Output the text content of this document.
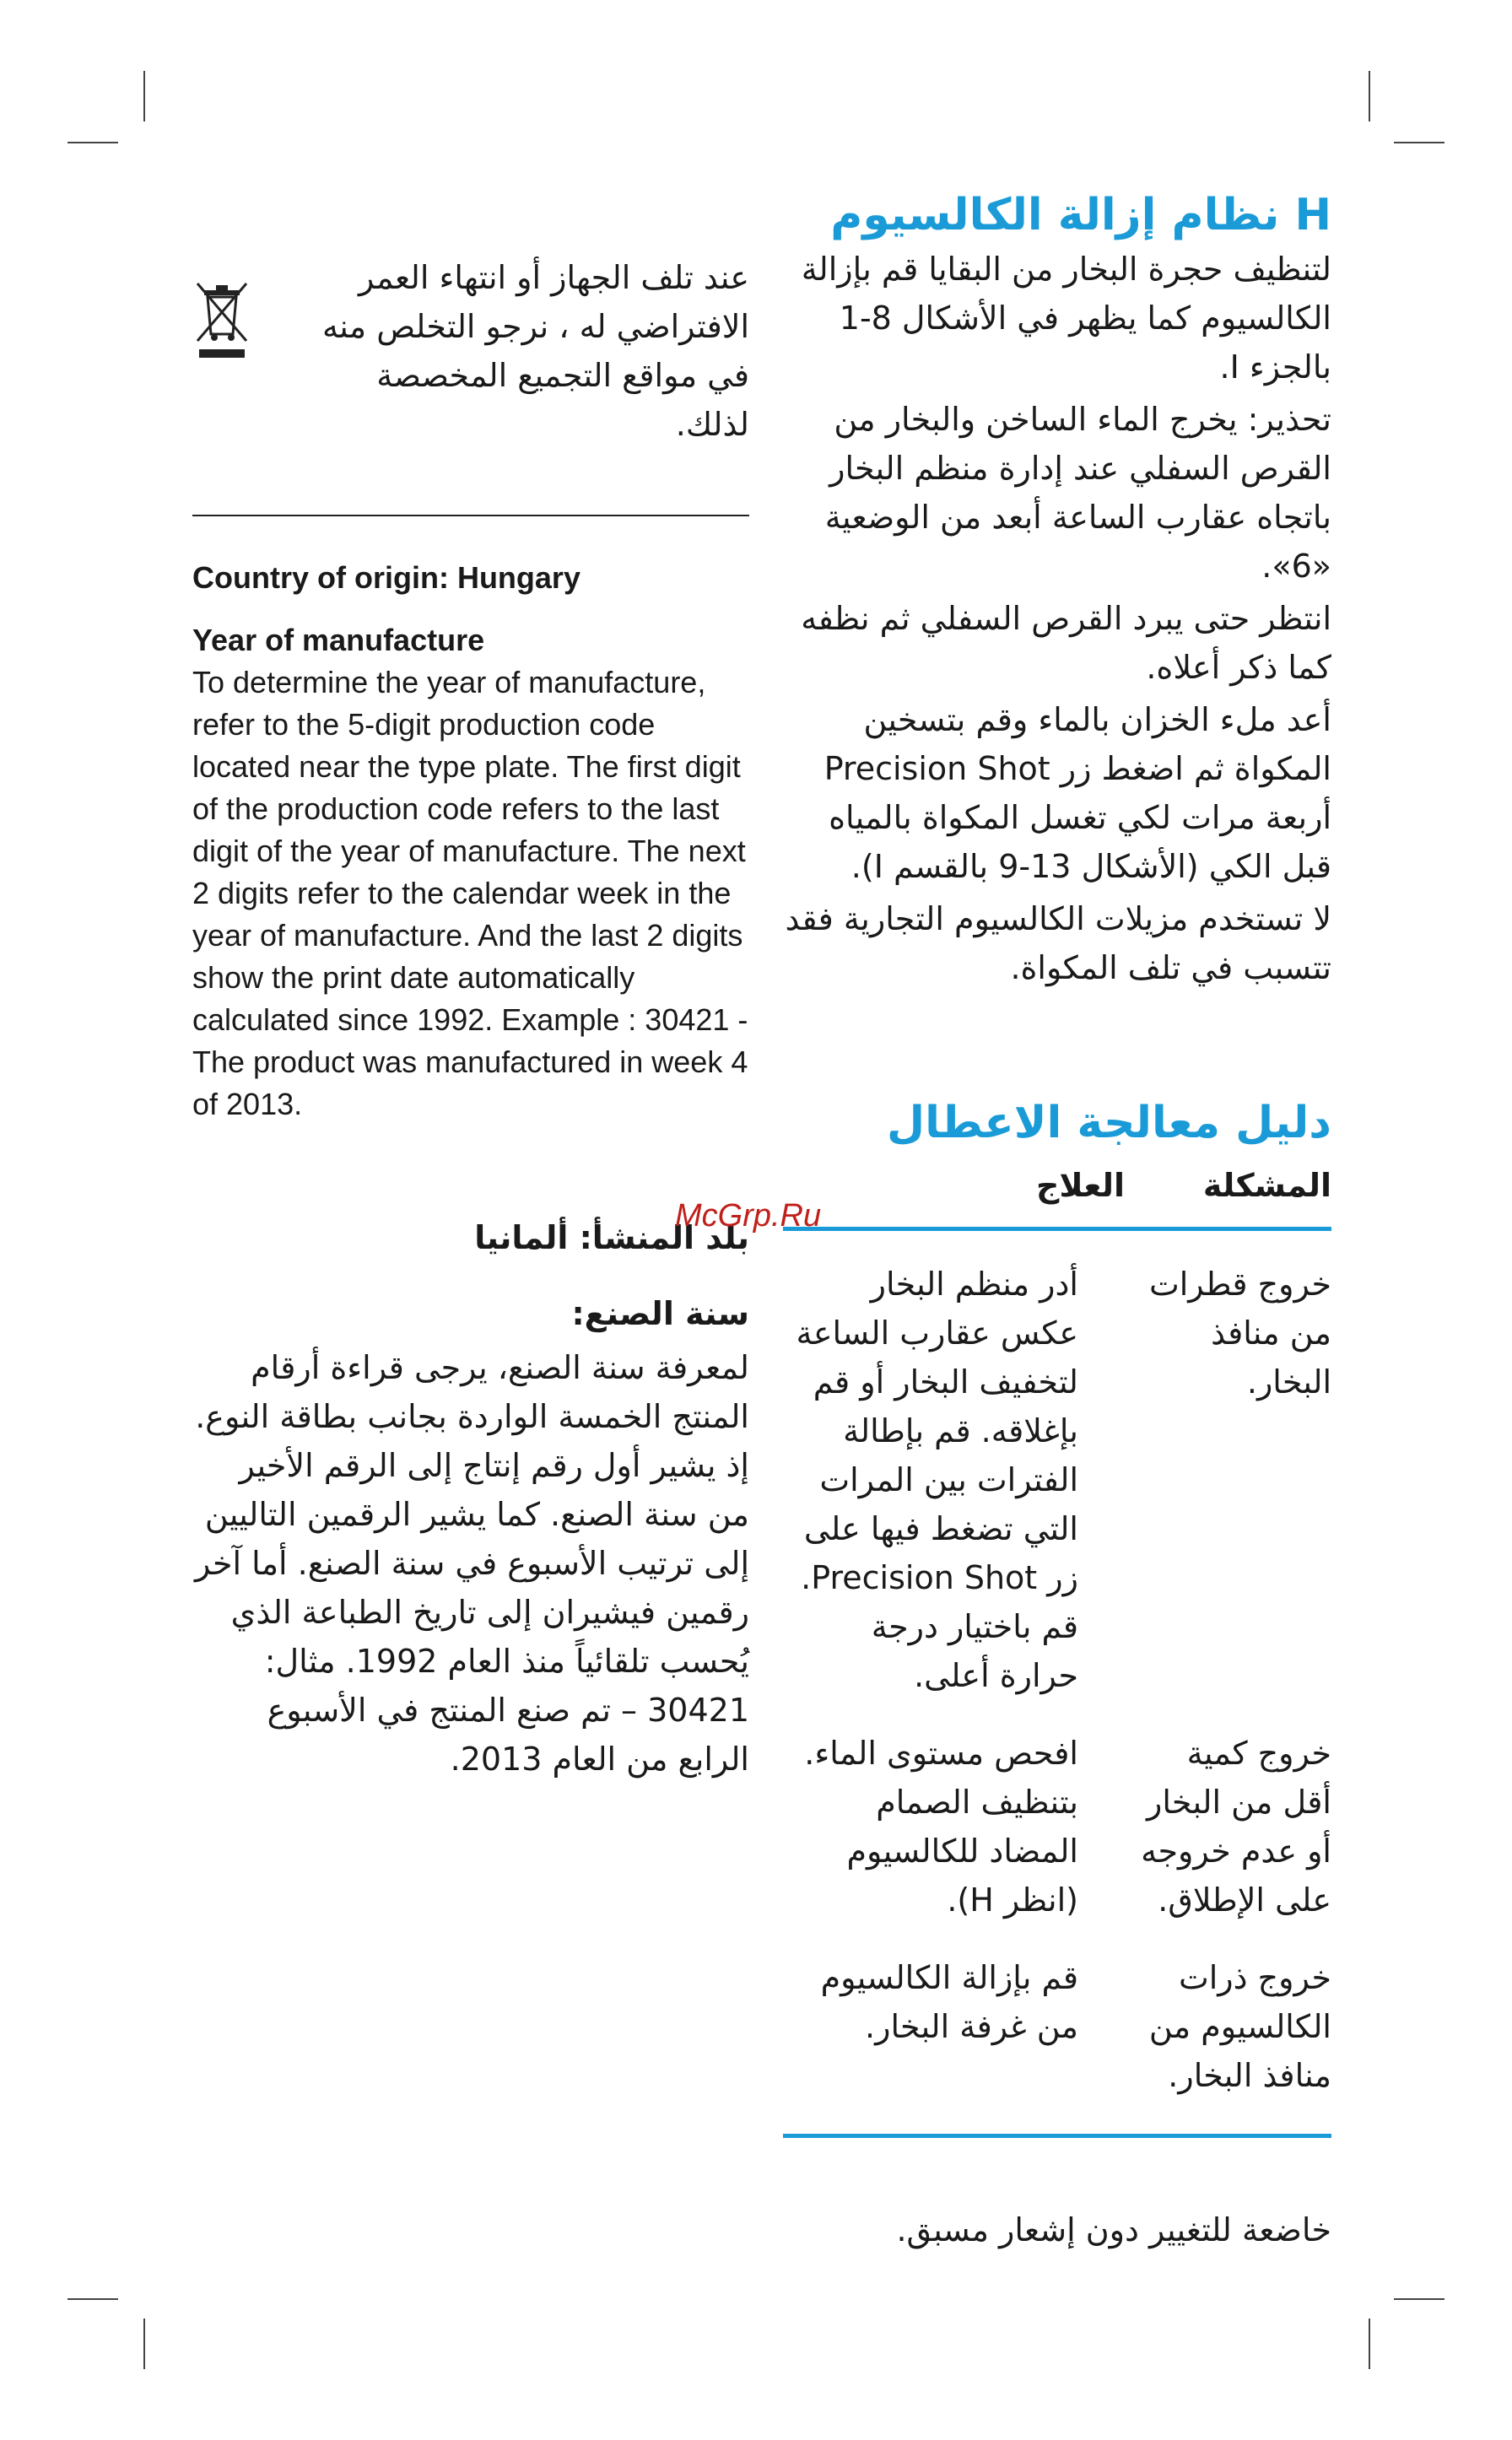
عند تلف الجهاز أو انتهاء العمر الافتراضي له ، نرجو التخلص منه في مواقع التجميع المخصصة لذلك.
Country of origin: Hungary
Year of manufacture

To determine the year of manufacture, refer to the 5-digit production code located near the type plate. The first digit of the production code refers to the last digit of the year of manufacture. The next 2 digits refer to the calendar week in the year of manufacture. And the last 2 digits show the print date automatically calculated since 1992. Example : 30421 - The product was manufactured in week 4 of 2013.

بلد المنشأ: ألمانيا
سنة الصنع:

لمعرفة سنة الصنع، يرجى قراءة أرقام المنتج الخمسة الواردة بجانب بطاقة النوع. إذ يشير أول رقم إنتاج إلى الرقم الأخير من سنة الصنع. كما يشير الرقمين التاليين إلى ترتيب الأسبوع في سنة الصنع. أما آخر رقمين فيشيران إلى تاريخ الطباعة الذي يُحسب تلقائياً منذ العام 1992. مثال: 30421 – تم صنع المنتج في الأسبوع الرابع من العام 2013.

H نظام إزالة الكالسيوم

لتنظيف حجرة البخار من البقايا قم بإزالة الكالسيوم كما يظهر في الأشكال 8-1 بالجزء I.

تحذير: يخرج الماء الساخن والبخار من القرص السفلي عند إدارة منظم البخار باتجاه عقارب الساعة أبعد من الوضعية «6».

انتظر حتى يبرد القرص السفلي ثم نظفه كما ذكر أعلاه.

أعد ملء الخزان بالماء وقم بتسخين المكواة ثم اضغط زر Precision Shot أربعة مرات لكي تغسل المكواة بالمياه قبل الكي (الأشكال 13-9 بالقسم I).

لا تستخدم مزيلات الكالسيوم التجارية فقد تتسبب في تلف المكواة.

دليل معالجة الاعطال
المشكلة
العلاج
خروج قطرات من منافذ البخار.
أدر منظم البخار عكس عقارب الساعة لتخفيف البخار أو قم بإغلاقه. قم بإطالة الفترات بين المرات التي تضغط فيها على زر Precision Shot. قم باختيار درجة حرارة أعلى.
خروج كمية أقل من البخار أو عدم خروجه على الإطلاق.
افحص مستوى الماء. بتنظيف الصمام المضاد للكالسيوم (انظر H).
خروج ذرات الكالسيوم من منافذ البخار.
قم بإزالة الكالسيوم من غرفة البخار.
خاضعة للتغيير دون إشعار مسبق.
McGrp.Ru
